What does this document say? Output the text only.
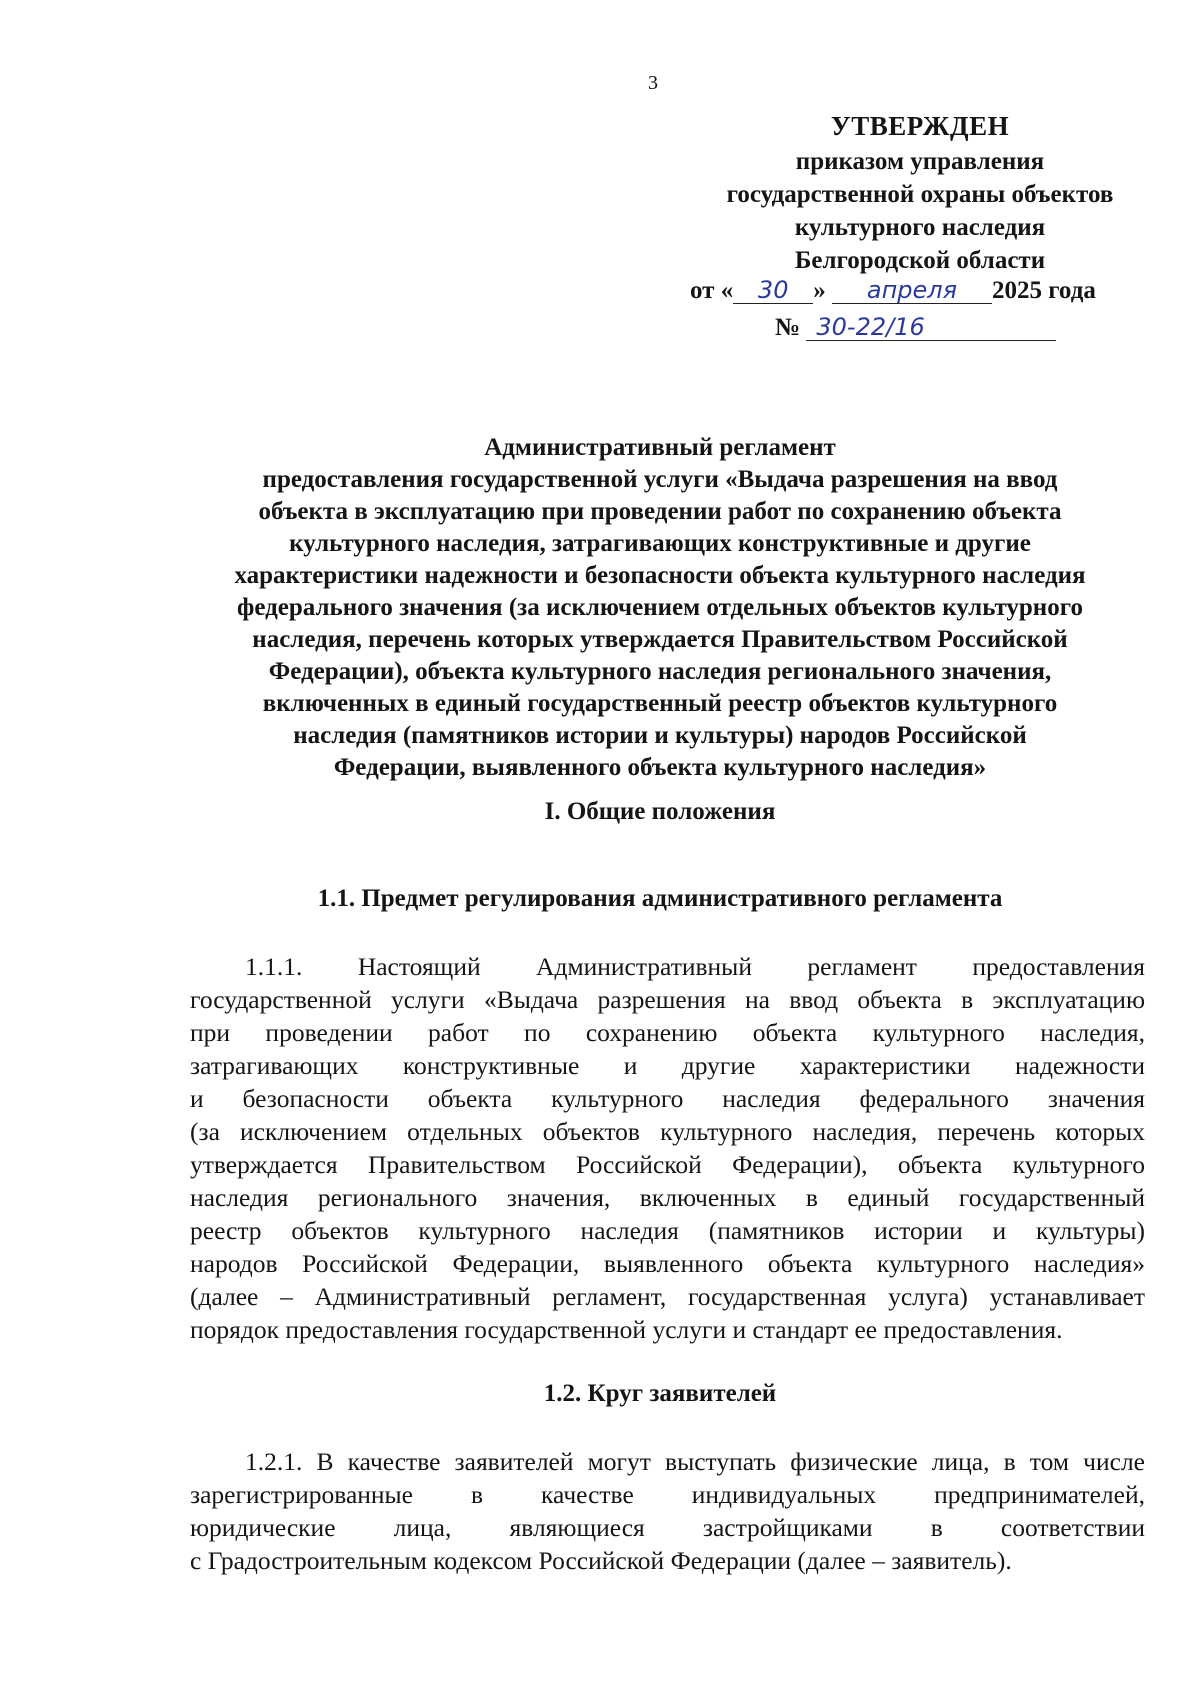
3
УТВЕРЖДЕН
приказом управления
государственной охраны объектов
культурного наследия
Белгородской области
от « 30 » апреля 2025 года
№ 30-22/16
Административный регламент
предоставления государственной услуги «Выдача разрешения на ввод
объекта в эксплуатацию при проведении работ по сохранению объекта
культурного наследия, затрагивающих конструктивные и другие
характеристики надежности и безопасности объекта культурного наследия
федерального значения (за исключением отдельных объектов культурного
наследия, перечень которых утверждается Правительством Российской
Федерации), объекта культурного наследия регионального значения,
включенных в единый государственный реестр объектов культурного
наследия (памятников истории и культуры) народов Российской
Федерации, выявленного объекта культурного наследия»
I. Общие положения
1.1. Предмет регулирования административного регламента
1.1.1. Настоящий Административный регламент предоставления
государственной услуги «Выдача разрешения на ввод объекта в эксплуатацию
при проведении работ по сохранению объекта культурного наследия,
затрагивающих конструктивные и другие характеристики надежности
и безопасности объекта культурного наследия федерального значения
(за исключением отдельных объектов культурного наследия, перечень которых
утверждается Правительством Российской Федерации), объекта культурного
наследия регионального значения, включенных в единый государственный
реестр объектов культурного наследия (памятников истории и культуры)
народов Российской Федерации, выявленного объекта культурного наследия»
(далее – Административный регламент, государственная услуга) устанавливает
порядок предоставления государственной услуги и стандарт ее предоставления.
1.2. Круг заявителей
1.2.1. В качестве заявителей могут выступать физические лица, в том числе
зарегистрированные в качестве индивидуальных предпринимателей,
юридические лица, являющиеся застройщиками в соответствии
с Градостроительным кодексом Российской Федерации (далее – заявитель).
